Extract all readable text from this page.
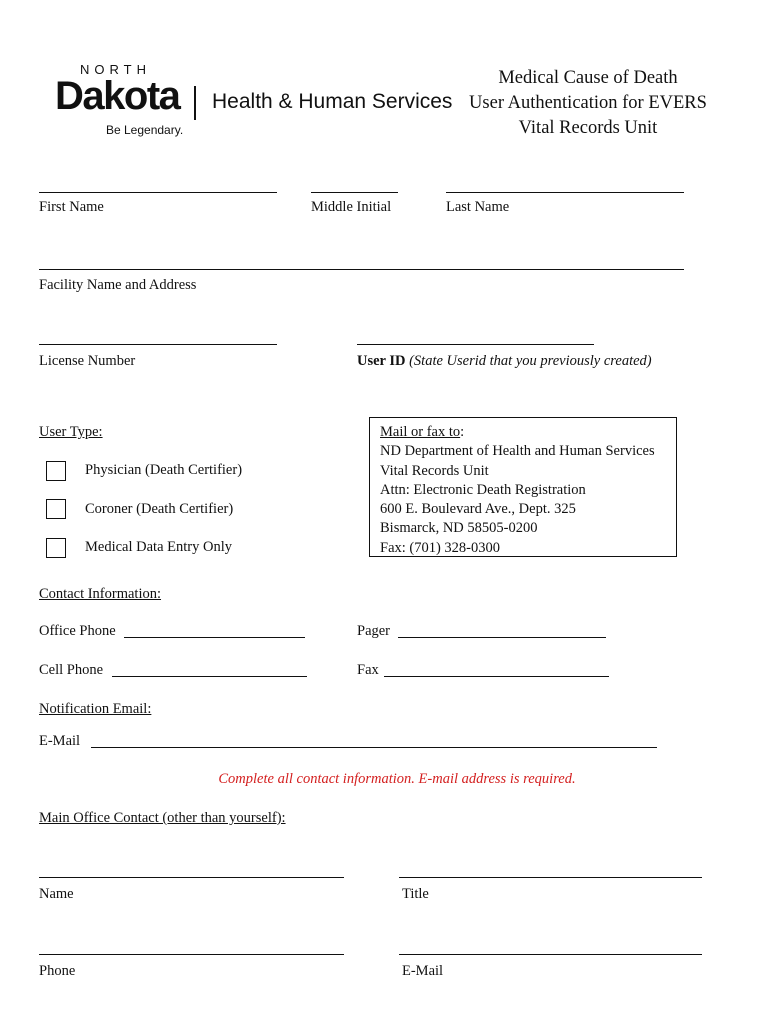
NORTH
Dakota Health & Human Services
Be Legendary.
Medical Cause of Death
User Authentication for EVERS
Vital Records Unit
First Name	Middle Initial	Last Name
Facility Name and Address
License Number	User ID (State Userid that you previously created)
User Type:
Physician (Death Certifier)
Coroner (Death Certifier)
Medical Data Entry Only
Mail or fax to:
ND Department of Health and Human Services
Vital Records Unit
Attn: Electronic Death Registration
600 E. Boulevard Ave., Dept. 325
Bismarck, ND 58505-0200
Fax: (701) 328-0300
Contact Information:
Office Phone	Pager
Cell Phone	Fax
Notification Email:
E-Mail
Complete all contact information. E-mail address is required.
Main Office Contact (other than yourself):
Name	Title
Phone	E-Mail
